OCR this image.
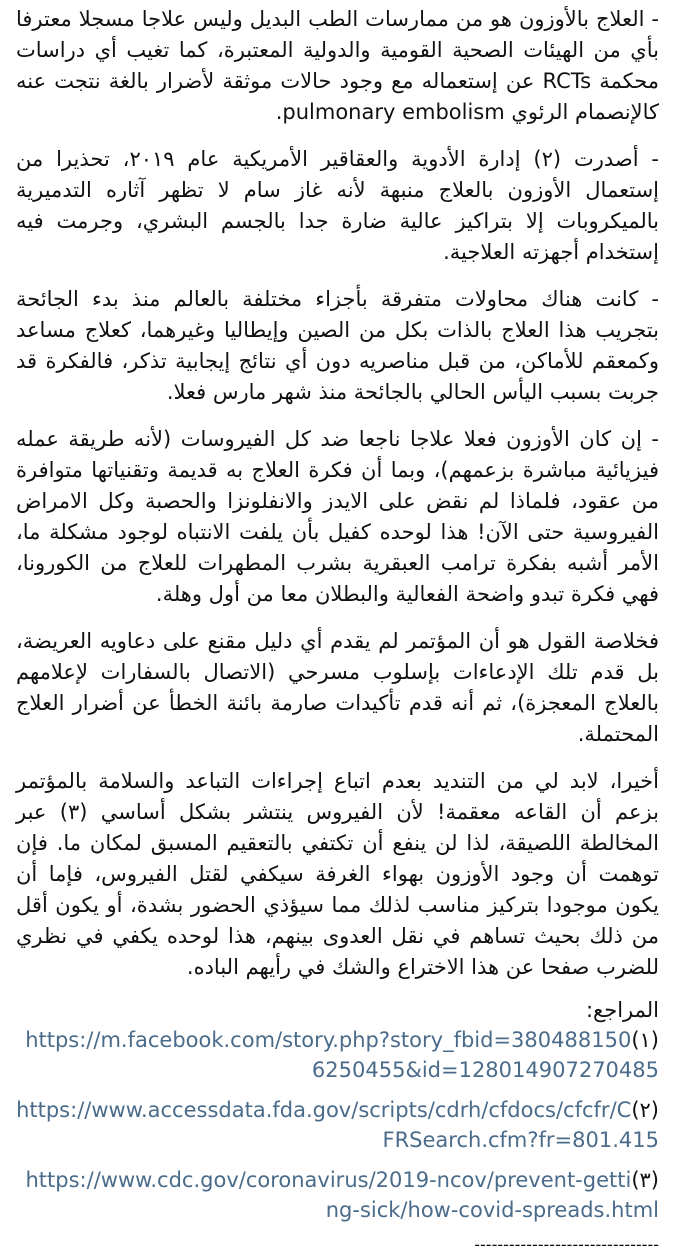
- العلاج بالأوزون هو من ممارسات الطب البديل وليس علاجا مسجلا معترفا بأي من الهيئات الصحية القومية والدولية المعتبرة، كما تغيب أي دراسات محكمة RCTs عن إستعماله مع وجود حالات موثقة لأضرار بالغة نتجت عنه كالإنصمام الرئوي pulmonary embolism.

- أصدرت (٢) إدارة الأدوية والعقاقير الأمريكية عام ٢٠١٩، تحذيرا من إستعمال الأوزون بالعلاج منبهة لأنه غاز سام لا تظهر آثاره التدميرية بالميكروبات إلا بتراكيز عالية ضارة جدا بالجسم البشري، وجرمت فيه إستخدام أجهزته العلاجية.

- كانت هناك محاولات متفرقة بأجزاء مختلفة بالعالم منذ بدء الجائحة بتجريب هذا العلاج بالذات بكل من الصين وإيطاليا وغيرهما، كعلاج مساعد وكمعقم للأماكن، من قبل مناصريه دون أي نتائج إيجابية تذكر، فالفكرة قد جربت بسبب اليأس الحالي بالجائحة منذ شهر مارس فعلا.

- إن كان الأوزون فعلا علاجا ناجعا ضد كل الفيروسات (لأنه طريقة عمله فيزيائية مباشرة بزعمهم)، وبما أن فكرة العلاج به قديمة وتقنياتها متوافرة من عقود، فلماذا لم نقض على الايدز والانفلونزا والحصبة وكل الامراض الفيروسية حتى الآن! هذا لوحده كفيل بأن يلفت الانتباه لوجود مشكلة ما، الأمر أشبه بفكرة ترامب العبقرية بشرب المطهرات للعلاج من الكورونا، فهي فكرة تبدو واضحة الفعالية والبطلان معا من أول وهلة.

فخلاصة القول هو أن المؤتمر لم يقدم أي دليل مقنع على دعاويه العريضة، بل قدم تلك الإدعاءات بإسلوب مسرحي (الاتصال بالسفارات لإعلامهم بالعلاج المعجزة)، ثم أنه قدم تأكيدات صارمة بائنة الخطأ عن أضرار العلاج المحتملة.

أخيرا، لابد لي من التنديد بعدم اتباع إجراءات التباعد والسلامة بالمؤتمر بزعم أن القاعه معقمة! لأن الفيروس ينتشر بشكل أساسي (٣) عبر المخالطة اللصيقة، لذا لن ينفع أن تكتفي بالتعقيم المسبق لمكان ما. فإن توهمت أن وجود الأوزون بهواء الغرفة سيكفي لقتل الفيروس، فإما أن يكون موجودا بتركيز مناسب لذلك مما سيؤذي الحضور بشدة، أو يكون أقل من ذلك بحيث تساهم في نقل العدوى بينهم، هذا لوحده يكفي في نظري للضرب صفحا عن هذا الاختراع والشك في رأيهم الباده.

المراجع:

(١)https://m.facebook.com/story.php?story_fbid=3804881506250455&id=128014907270485

(٢)https://www.accessdata.fda.gov/scripts/cdrh/cfdocs/cfcfr/CFRSearch.cfm?fr=801.415

(٣)https://www.cdc.gov/coronavirus/2019-ncov/prevent-getting-sick/how-covid-spreads.html

--------------------------------
